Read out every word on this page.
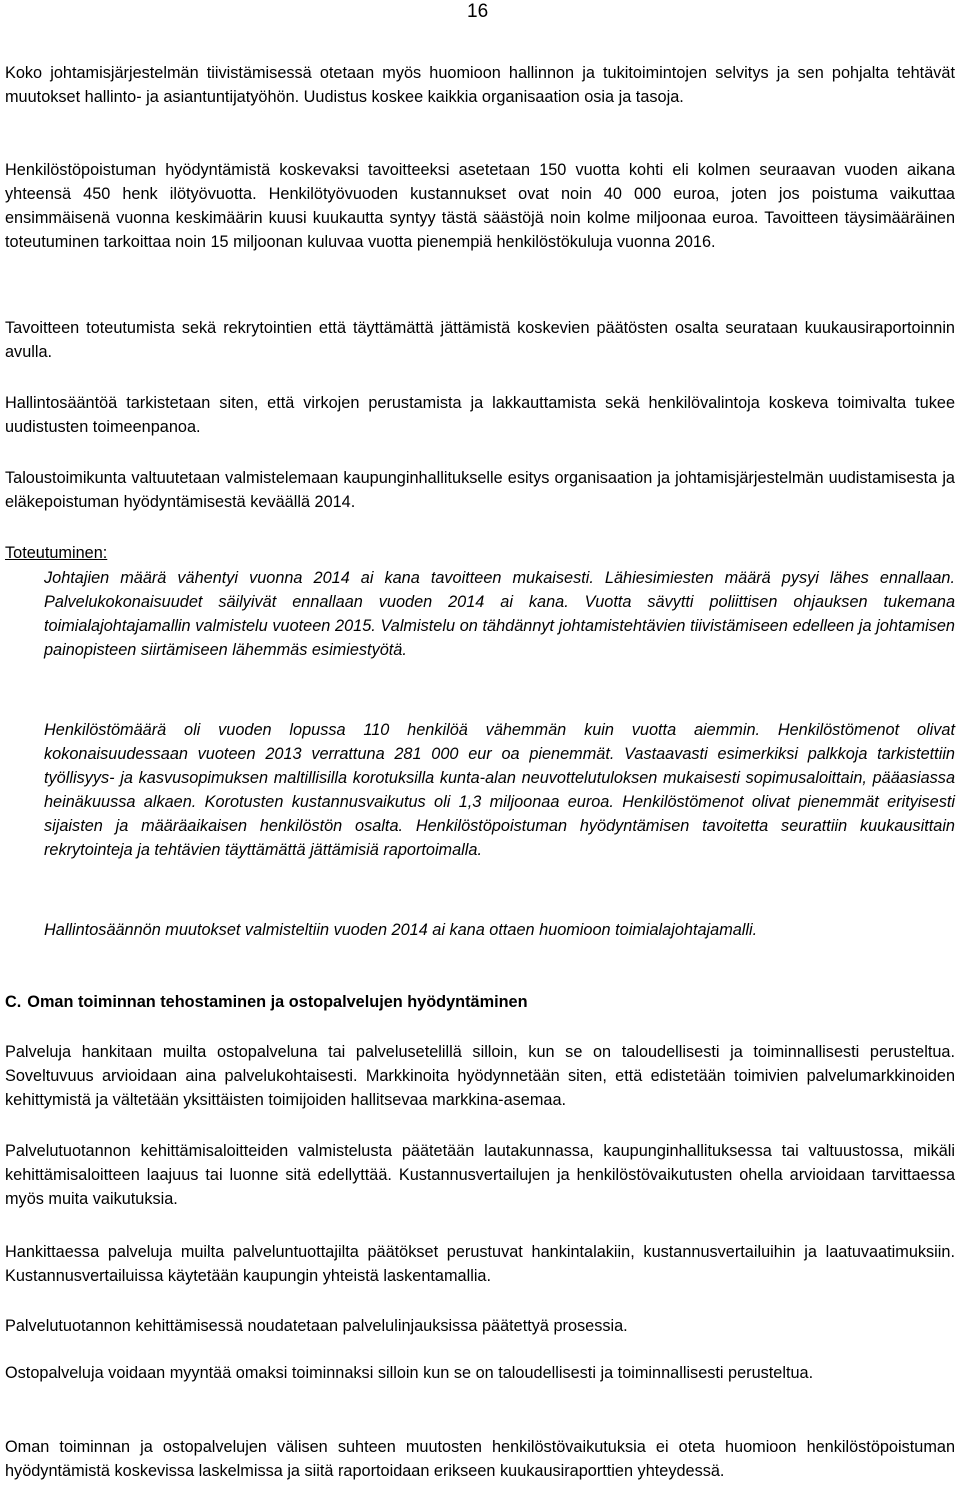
16

Koko johtamisjärjestelmän tiivistämisessä otetaan myös huomioon hallinnon ja tukitoimintojen selvitys ja sen pohjalta tehtävät muutokset hallinto- ja asiantuntijatyöhön. Uudistus koskee kaikkia organisaation osia ja tasoja.

Henkilöstöpoistuman hyödyntämistä koskevaksi tavoitteeksi asetetaan 150 vuotta kohti eli kolmen seuraavan vuoden aikana yhteensä 450 henk ilötyövuotta. Henkilötyövuoden kustannukset ovat noin 40 000 euroa, joten jos poistuma vaikuttaa ensimmäisenä vuonna keskimäärin kuusi kuukautta syntyy tästä säästöjä noin kolme miljoonaa euroa. Tavoitteen täysimääräinen toteutuminen tarkoittaa noin 15 miljoonan kuluvaa vuotta pienempiä henkilöstökuluja vuonna 2016.

Tavoitteen toteutumista sekä rekrytointien että täyttämättä jättämistä koskevien päätösten osalta seurataan kuukausiraportoinnin avulla.

Hallintosääntöä tarkistetaan siten, että virkojen perustamista ja lakkauttamista sekä henkilövalintoja koskeva toimivalta tukee uudistusten toimeenpanoa.

Taloustoimikunta valtuutetaan valmistelemaan kaupunginhallitukselle esitys organisaation ja johtamisjärjestelmän uudistamisesta ja eläkepoistuman hyödyntämisestä keväällä 2014.

Toteutuminen:

Johtajien määrä vähentyi vuonna 2014 ai kana tavoitteen mukaisesti. Lähiesimiesten määrä pysyi lähes ennallaan. Palvelukokonaisuudet säilyivät ennallaan vuoden 2014 ai kana. Vuotta sävytti poliittisen ohjauksen tukemana toimialajohtajamallin valmistelu vuoteen 2015. Valmistelu on tähdännyt johtamistehtävien tiivistämiseen edelleen ja johtamisen painopisteen siirtämiseen lähemmäs esimiestyötä.

Henkilöstömäärä oli vuoden lopussa 110 henkilöä vähemmän kuin vuotta aiemmin. Henkilöstömenot olivat kokonaisuudessaan vuoteen 2013 verrattuna 281 000 eur oa pienemmät. Vastaavasti esimerkiksi palkkoja tarkistettiin työllisyys- ja kasvusopimuksen maltillisilla korotuksilla kunta-alan neuvottelutuloksen mukaisesti sopimusaloittain, pääasiassa heinäkuussa alkaen. Korotusten kustannusvaikutus oli 1,3 miljoonaa euroa. Henkilöstömenot olivat pienemmät erityisesti sijaisten ja määräaikaisen henkilöstön osalta. Henkilöstöpoistuman hyödyntämisen tavoitetta seurattiin kuukausittain rekrytointeja ja tehtävien täyttämättä jättämisiä raportoimalla.

Hallintosäännön muutokset valmisteltiin vuoden 2014 ai kana ottaen huomioon toimialajohtajamalli.

C. Oman toiminnan tehostaminen ja ostopalvelujen hyödyntäminen

Palveluja hankitaan muilta ostopalveluna tai palvelusetelillä silloin, kun se on taloudellisesti ja toiminnallisesti perusteltua. Soveltuvuus arvioidaan aina palvelukohtaisesti. Markkinoita hyödynnetään siten, että edistetään toimivien palvelumarkkinoiden kehittymistä ja vältetään yksittäisten toimijoiden hallitsevaa markkina-asemaa.

Palvelutuotannon kehittämisaloitteiden valmistelusta päätetään lautakunnassa, kaupunginhallituksessa tai valtuustossa, mikäli kehittämisaloitteen laajuus tai luonne sitä edellyttää. Kustannusvertailujen ja henkilöstövaikutusten ohella arvioidaan tarvittaessa myös muita vaikutuksia.

Hankittaessa palveluja muilta palveluntuottajilta päätökset perustuvat hankintalakiin, kustannusvertailuihin ja laatuvaatimuksiin. Kustannusvertailuissa käytetään kaupungin yhteistä laskentamallia.

Palvelutuotannon kehittämisessä noudatetaan palvelulinjauksissa päätettyä prosessia.

Ostopalveluja voidaan myyntää omaksi toiminnaksi silloin kun se on taloudellisesti ja toiminnallisesti perusteltua.

Oman toiminnan ja ostopalvelujen välisen suhteen muutosten henkilöstövaikutuksia ei oteta huomioon henkilöstöpoistuman hyödyntämistä koskevissa laskelmissa ja siitä raportoidaan erikseen kuukausiraporttien yhteydessä.
